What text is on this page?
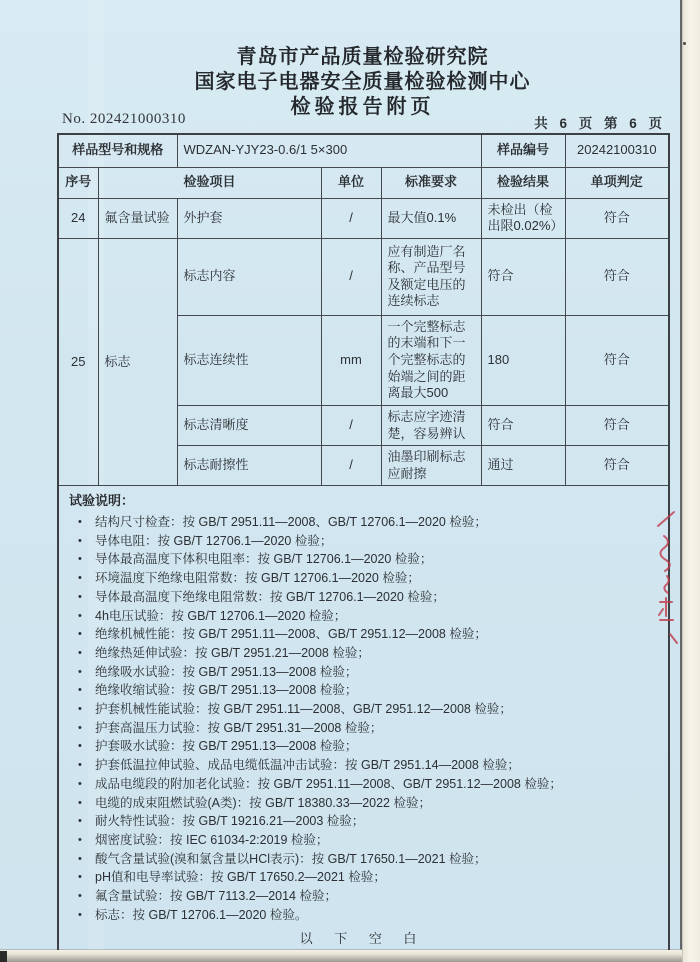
青岛市产品质量检验研究院
国家电子电器安全质量检验检测中心
检验报告附页
No. 202421000310	共 6 页 第 6 页
样品型号和规格		WDZAN-YJY23-0.6/1 5×300			样品编号	20242100310
序号	检验项目		单位	标准要求	检验结果	单项判定
24	氟含量试验	外护套	/	最大值0.1%	未检出（检出限0.02%）	符合
25	标志	标志内容	/	应有制造厂名称、产品型号及额定电压的连续标志	符合	符合
		标志连续性	mm	一个完整标志的末端和下一个完整标志的始端之间的距离最大500	180	符合
		标志清晰度	/	标志应字迹清楚，容易辨认	符合	符合
		标志耐擦性	/	油墨印刷标志应耐擦	通过	符合

试验说明：
•	结构尺寸检查：按 GB/T 2951.11—2008、GB/T 12706.1—2020 检验；
•	导体电阻：按 GB/T 12706.1—2020 检验；
•	导体最高温度下体积电阻率：按 GB/T 12706.1—2020 检验；
•	环境温度下绝缘电阻常数：按 GB/T 12706.1—2020 检验；
•	导体最高温度下绝缘电阻常数：按 GB/T 12706.1—2020 检验；
•	4h电压试验：按 GB/T 12706.1—2020 检验；
•	绝缘机械性能：按 GB/T 2951.11—2008、GB/T 2951.12—2008 检验；
•	绝缘热延伸试验：按 GB/T 2951.21—2008 检验；
•	绝缘吸水试验：按 GB/T 2951.13—2008 检验；
•	绝缘收缩试验：按 GB/T 2951.13—2008 检验；
•	护套机械性能试验：按 GB/T 2951.11—2008、GB/T 2951.12—2008 检验；
•	护套高温压力试验：按 GB/T 2951.31—2008 检验；
•	护套吸水试验：按 GB/T 2951.13—2008 检验；
•	护套低温拉伸试验、成品电缆低温冲击试验：按 GB/T 2951.14—2008 检验；
•	成品电缆段的附加老化试验：按 GB/T 2951.11—2008、GB/T 2951.12—2008 检验；
•	电缆的成束阻燃试验(A类)：按 GB/T 18380.33—2022 检验；
•	耐火特性试验：按 GB/T 19216.21—2003 检验；
•	烟密度试验：按 IEC 61034-2:2019 检验；
•	酸气含量试验(溴和氯含量以HCl表示)：按 GB/T 17650.1—2021 检验；
•	pH值和电导率试验：按 GB/T 17650.2—2021 检验；
•	氟含量试验：按 GB/T 7113.2—2014 检验；
•	标志：按 GB/T 12706.1—2020 检验。
以 下 空 白
